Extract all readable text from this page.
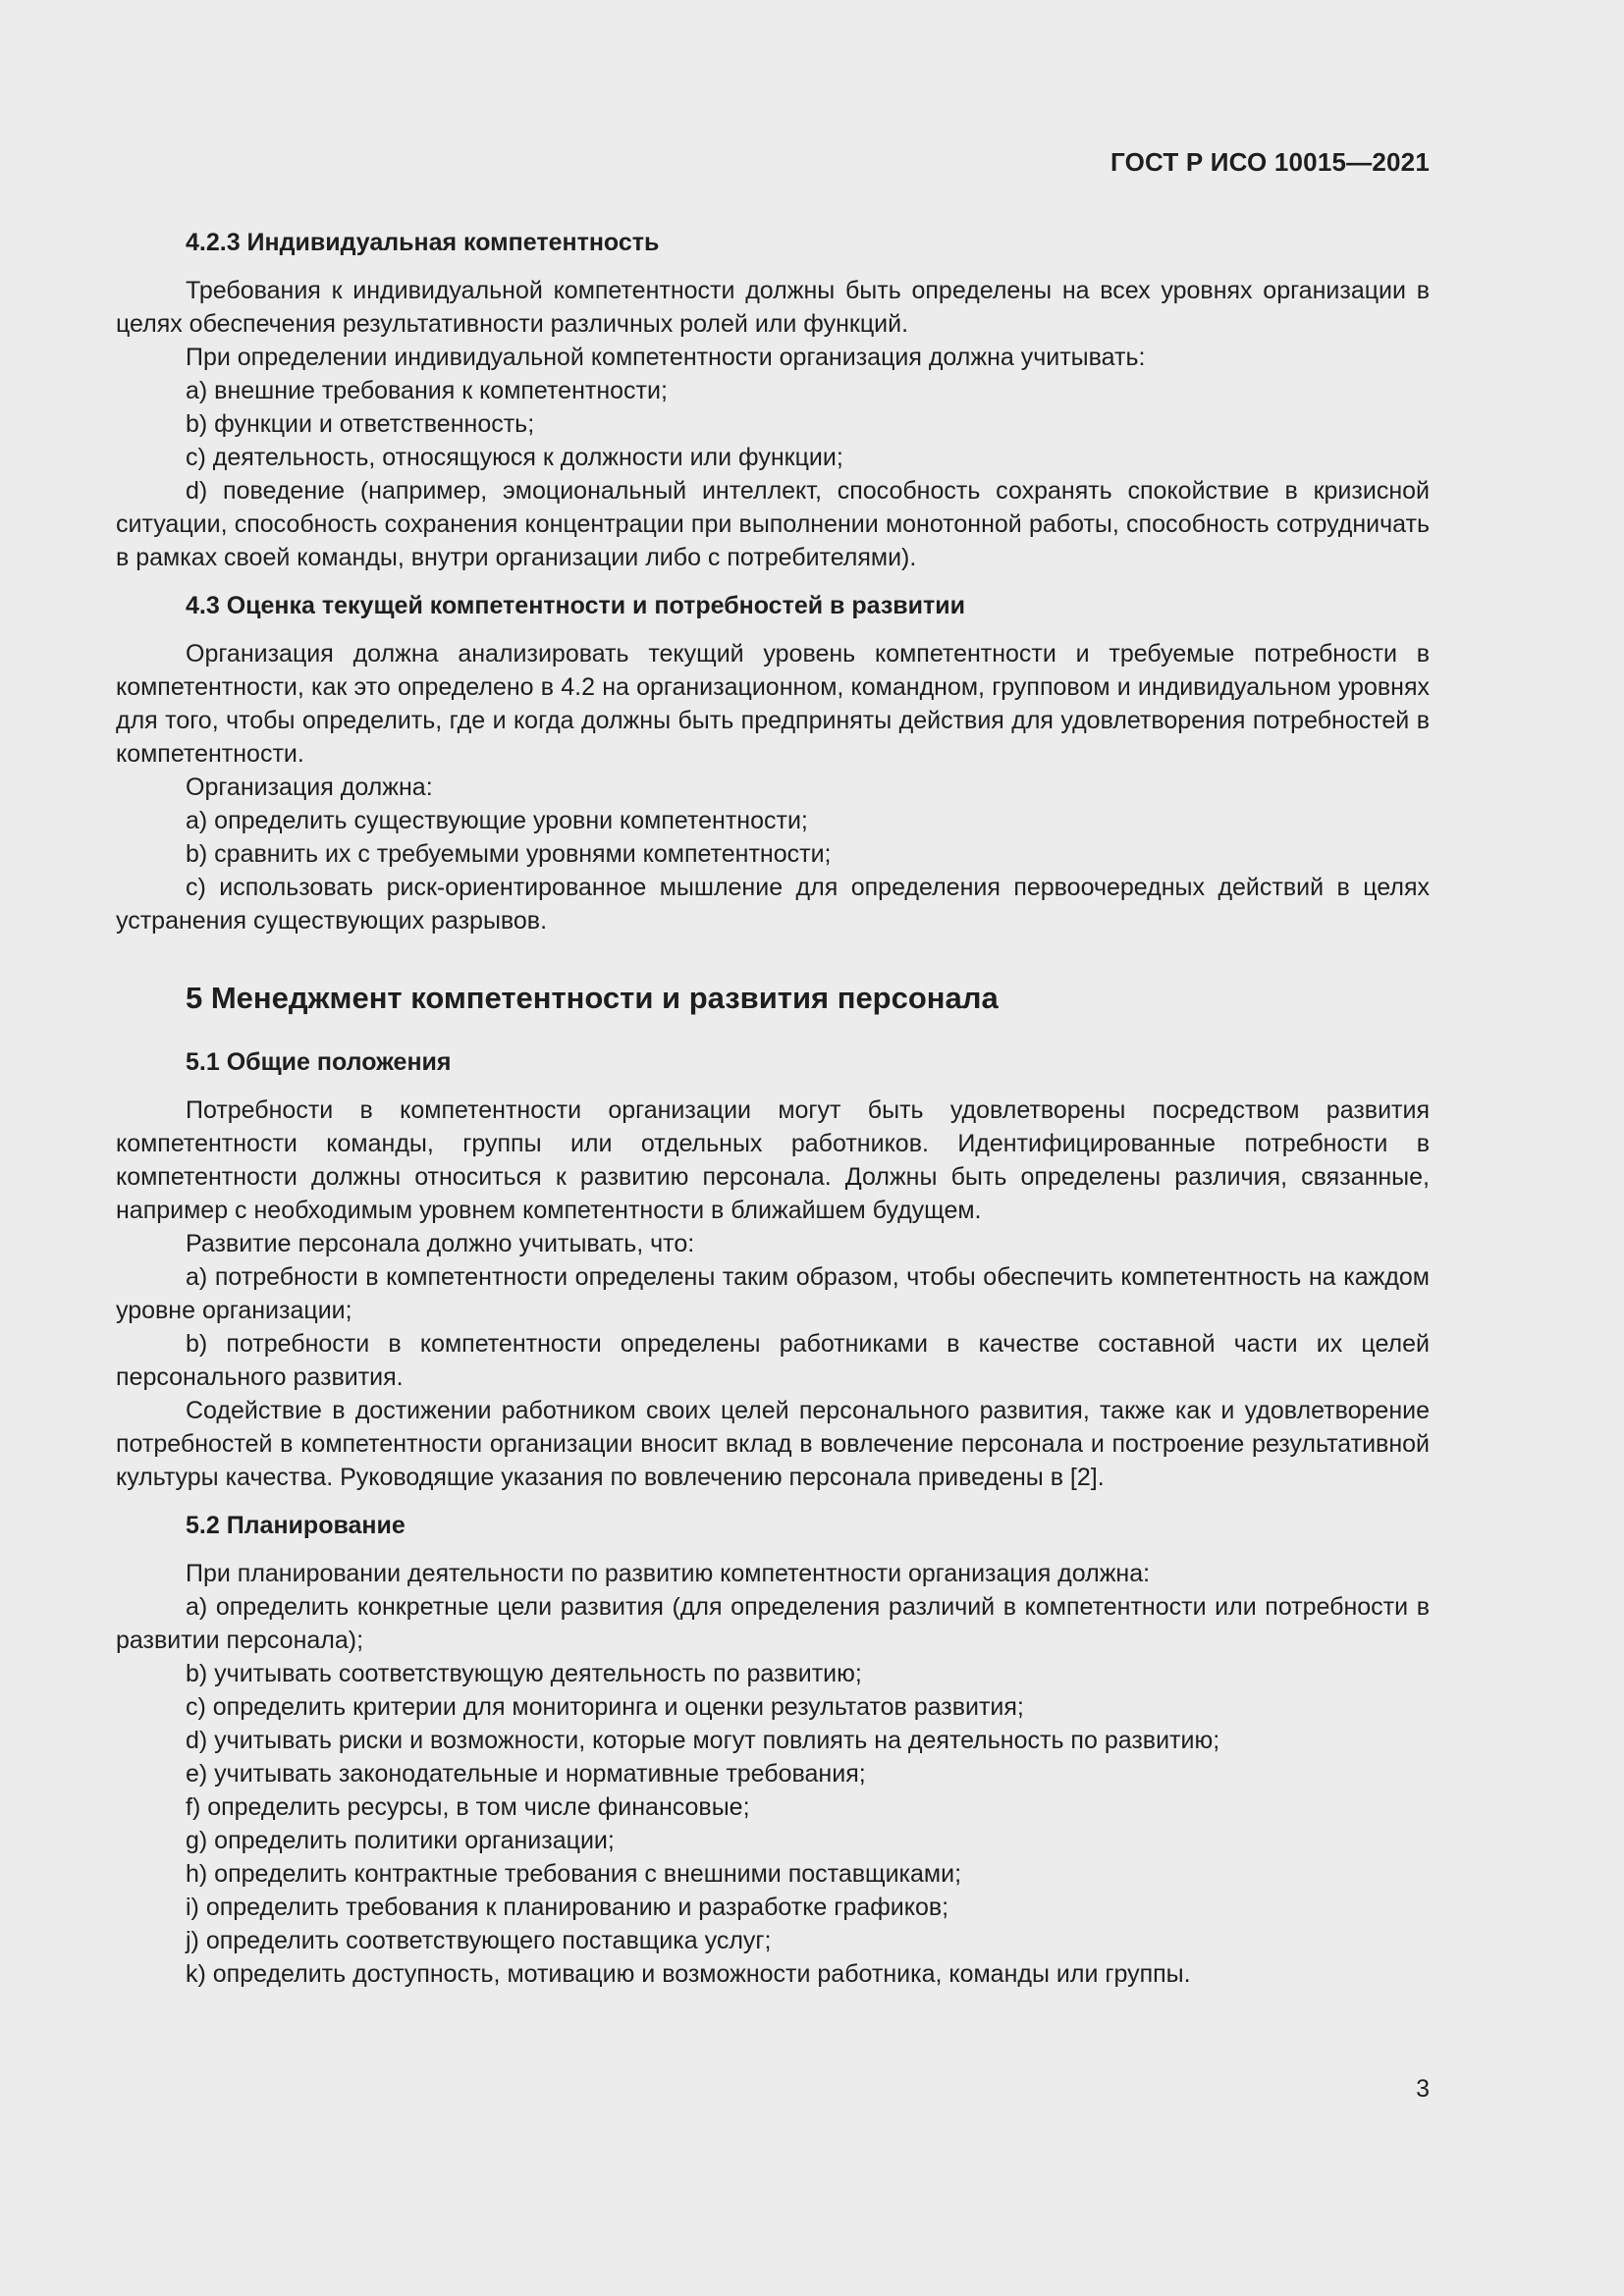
ГОСТ Р ИСО 10015—2021
4.2.3 Индивидуальная компетентность

Требования к индивидуальной компетентности должны быть определены на всех уровнях организации в целях обеспечения результативности различных ролей или функций.

При определении индивидуальной компетентности организация должна учитывать:

a) внешние требования к компетентности;

b) функции и ответственность;

c) деятельность, относящуюся к должности или функции;

d) поведение (например, эмоциональный интеллект, способность сохранять спокойствие в кризисной ситуации, способность сохранения концентрации при выполнении монотонной работы, способность сотрудничать в рамках своей команды, внутри организации либо с потребителями).

4.3 Оценка текущей компетентности и потребностей в развитии

Организация должна анализировать текущий уровень компетентности и требуемые потребности в компетентности, как это определено в 4.2 на организационном, командном, групповом и индивидуальном уровнях для того, чтобы определить, где и когда должны быть предприняты действия для удовлетворения потребностей в компетентности.

Организация должна:

a) определить существующие уровни компетентности;

b) сравнить их с требуемыми уровнями компетентности;

c) использовать риск-ориентированное мышление для определения первоочередных действий в целях устранения существующих разрывов.

5 Менеджмент компетентности и развития персонала
5.1 Общие положения

Потребности в компетентности организации могут быть удовлетворены посредством развития компетентности команды, группы или отдельных работников. Идентифицированные потребности в компетентности должны относиться к развитию персонала. Должны быть определены различия, связанные, например с необходимым уровнем компетентности в ближайшем будущем.

Развитие персонала должно учитывать, что:

a) потребности в компетентности определены таким образом, чтобы обеспечить компетентность на каждом уровне организации;

b) потребности в компетентности определены работниками в качестве составной части их целей персонального развития.

Содействие в достижении работником своих целей персонального развития, также как и удовлетворение потребностей в компетентности организации вносит вклад в вовлечение персонала и построение результативной культуры качества. Руководящие указания по вовлечению персонала приведены в [2].

5.2 Планирование

При планировании деятельности по развитию компетентности организация должна:

a) определить конкретные цели развития (для определения различий в компетентности или потребности в развитии персонала);

b) учитывать соответствующую деятельность по развитию;

c) определить критерии для мониторинга и оценки результатов развития;

d) учитывать риски и возможности, которые могут повлиять на деятельность по развитию;

e) учитывать законодательные и нормативные требования;

f) определить ресурсы, в том числе финансовые;

g) определить политики организации;

h) определить контрактные требования с внешними поставщиками;

i) определить требования к планированию и разработке графиков;

j) определить соответствующего поставщика услуг;

k) определить доступность, мотивацию и возможности работника, команды или группы.

3
